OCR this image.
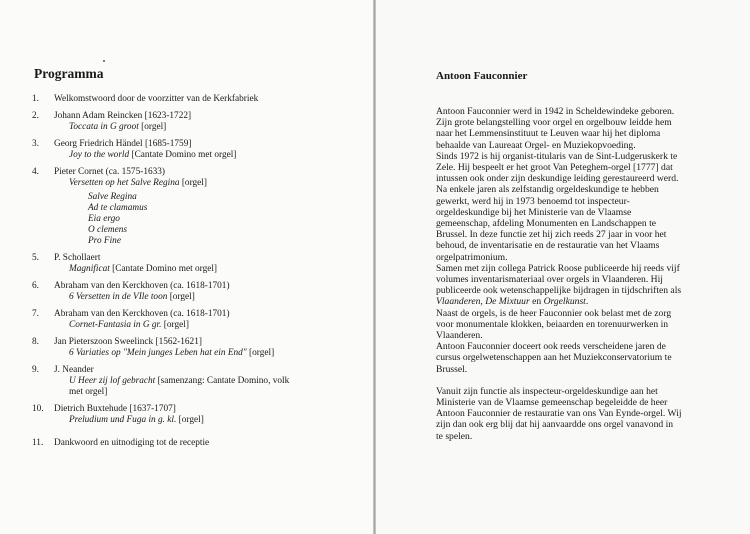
Programma
1. Welkomstwoord door de voorzitter van de Kerkfabriek
2. Johann Adam Reincken [1623-1722]
Toccata in G groot [orgel]
3. Georg Friedrich Händel [1685-1759]
Joy to the world [Cantate Domino met orgel]
4. Pieter Cornet (ca. 1575-1633)
Versetten op het Salve Regina [orgel]
Salve Regina
Ad te clamamus
Eia ergo
O clemens
Pro Fine
5. P. Schollaert
Magnificat [Cantate Domino met orgel]
6. Abraham van den Kerckhoven (ca. 1618-1701)
6 Versetten in de VIle toon [orgel]
7. Abraham van den Kerckhoven (ca. 1618-1701)
Cornet-Fantasia in G gr. [orgel]
8. Jan Pieterszoon Sweelinck [1562-1621]
6 Variaties op "Mein junges Leben hat ein End" [orgel]
9. J. Neander
U Heer zij lof gebracht [samenzang: Cantate Domino, volk
met orgel]
10. Dietrich Buxtehude [1637-1707]
Preludium und Fuga in g. kl. [orgel]
11. Dankwoord en uitnodiging tot de receptie
Antoon Fauconnier

Antoon Fauconnier werd in 1942 in Scheldewindeke geboren.
Zijn grote belangstelling voor orgel en orgelbouw leidde hem
naar het Lemmensinstituut te Leuven waar hij het diploma
behaalde van Laureaat Orgel- en Muziekopvoeding.
Sinds 1972 is hij organist-titularis van de Sint-Ludgeruskerk te
Zele. Hij bespeelt er het groot Van Peteghem-orgel [1777] dat
intussen ook onder zijn deskundige leiding gerestaureerd werd.
Na enkele jaren als zelfstandig orgeldeskundige te hebben
gewerkt, werd hij in 1973 benoemd tot inspecteur-
orgeldeskundige bij het Ministerie van de Vlaamse
gemeenschap, afdeling Monumenten en Landschappen te
Brussel. In deze functie zet hij zich reeds 27 jaar in voor het
behoud, de inventarisatie en de restauratie van het Vlaams
orgelpatrimonium.
Samen met zijn collega Patrick Roose publiceerde hij reeds vijf
volumes inventarismateriaal over orgels in Vlaanderen. Hij
publiceerde ook wetenschappelijke bijdragen in tijdschriften als
Vlaanderen, De Mixtuur en Orgelkunst.
Naast de orgels, is de heer Fauconnier ook belast met de zorg
voor monumentale klokken, beiaarden en torenuurwerken in
Vlaanderen.
Antoon Fauconnier doceert ook reeds verscheidene jaren de
cursus orgelwetenschappen aan het Muziekconservatorium te
Brussel.

Vanuit zijn functie als inspecteur-orgeldeskundige aan het
Ministerie van de Vlaamse gemeenschap begeleidde de heer
Antoon Fauconnier de restauratie van ons Van Eynde-orgel. Wij
zijn dan ook erg blij dat hij aanvaardde ons orgel vanavond in
te spelen.
